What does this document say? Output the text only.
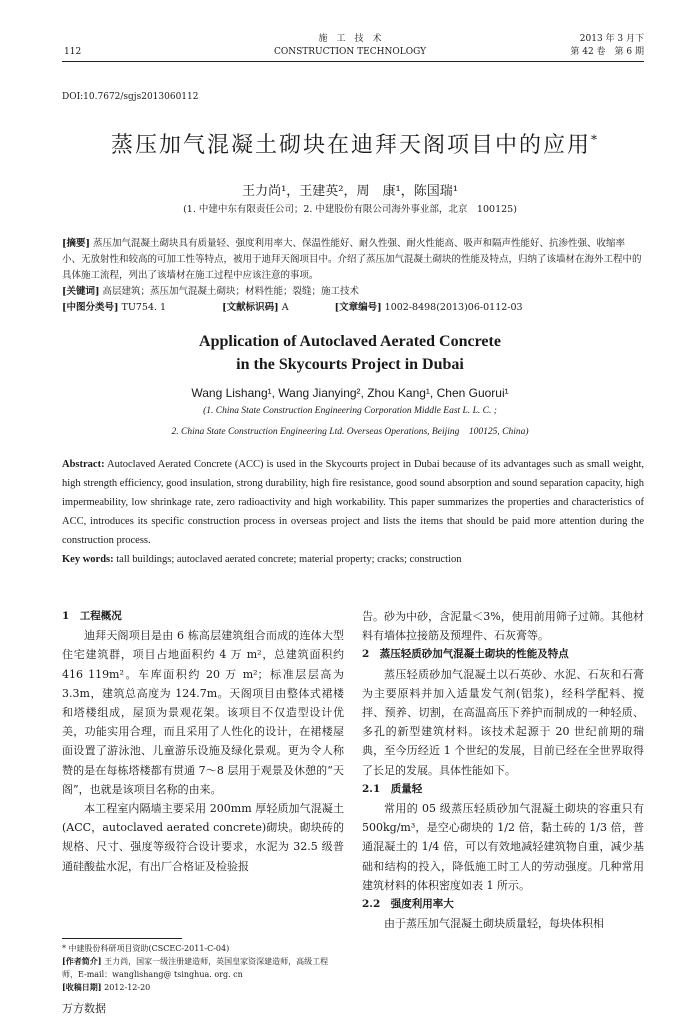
112
施　工　技　术
CONSTRUCTION TECHNOLOGY
2013 年 3 月下
第 42 卷　第 6 期
DOI:10.7672/sgjs2013060112
蒸压加气混凝土砌块在迪拜天阁项目中的应用*
王力尚¹，王建英²，周　康¹，陈国瑞¹
(1. 中建中东有限责任公司；2. 中建股份有限公司海外事业部，北京　100125)
[摘要] 蒸压加气混凝土砌块具有质量轻、强度利用率大、保温性能好、耐久性强、耐火性能高、吸声和隔声性能好、抗渗性强、收缩率小、无放射性和较高的可加工性等特点，被用于迪拜天阁项目中。介绍了蒸压加气混凝土砌块的性能及特点，归纳了该墙材在海外工程中的具体施工流程，列出了该墙材在施工过程中应该注意的事项。
[关键词] 高层建筑；蒸压加气混凝土砌块；材料性能；裂缝；施工技术
[中图分类号] TU754. 1	[文献标识码] A	[文章编号] 1002-8498(2013)06-0112-03
Application of Autoclaved Aerated Concrete
in the Skycourts Project in Dubai
Wang Lishang¹, Wang Jianying², Zhou Kang¹, Chen Guorui¹
(1. China State Construction Engineering Corporation Middle East L. L. C. ;
2. China State Construction Engineering Ltd. Overseas Operations, Beijing　100125, China)
Abstract: Autoclaved Aerated Concrete (ACC) is used in the Skycourts project in Dubai because of its advantages such as small weight, high strength efficiency, good insulation, strong durability, high fire resistance, good sound absorption and sound separation capacity, high impermeability, low shrinkage rate, zero radioactivity and high workability. This paper summarizes the properties and characteristics of ACC, introduces its specific construction process in overseas project and lists the items that should be paid more attention during the construction process.
Key words: tall buildings; autoclaved aerated concrete; material property; cracks; construction
1　工程概况

迪拜天阁项目是由 6 栋高层建筑组合而成的连体大型住宅建筑群，项目占地面积约 4 万 m²，总建筑面积约416 119m²。车库面积约 20 万 m²；标准层层高为 3.3m，建筑总高度为 124.7m。天阁项目由整体式裙楼和塔楼组成，屋顶为景观花架。该项目不仅造型设计优美，功能实用合理，而且采用了人性化的设计，在裙楼屋面设置了游泳池、儿童游乐设施及绿化景观。更为令人称赞的是在每栋塔楼都有贯通 7～8 层用于观景及休憩的“天阁”，也就是该项目名称的由来。

本工程室内隔墙主要采用 200mm 厚轻质加气混凝土(ACC，autoclaved aerated concrete)砌块。砌块砖的规格、尺寸、强度等级符合设计要求，水泥为 32.5 级普通硅酸盐水泥，有出厂合格证及检验报

告。砂为中砂，含泥量＜3%，使用前用筛子过筛。其他材料有墙体拉接筋及预埋件、石灰膏等。
2　蒸压轻质砂加气混凝土砌块的性能及特点

蒸压轻质砂加气混凝土以石英砂、水泥、石灰和石膏为主要原料并加入适量发气剂(铝浆)，经科学配料、搅拌、预养、切割，在高温高压下养护而制成的一种轻质、多孔的新型建筑材料。该技术起源于 20 世纪前期的瑞典，至今历经近 1 个世纪的发展，目前已经在全世界取得了长足的发展。具体性能如下。

2.1　质量轻

常用的 05 级蒸压轻质砂加气混凝土砌块的容重只有 500kg/m³，是空心砌块的 1/2 倍，黏土砖的 1/3 倍，普通混凝土的 1/4 倍，可以有效地减轻建筑物自重，减少基础和结构的投入，降低施工时工人的劳动强度。几种常用建筑材料的体积密度如表 1 所示。

2.2　强度利用率大

由于蒸压加气混凝土砌块质量轻，每块体积相

* 中建股份科研项目资助(CSCEC-2011-C-04)
[作者简介] 王力尚，国家一级注册建造师，英国皇家资深建造师，高级工程师，E-mail：wanglishang@ tsinghua. org. cn
[收稿日期] 2012-12-20
万方数据
